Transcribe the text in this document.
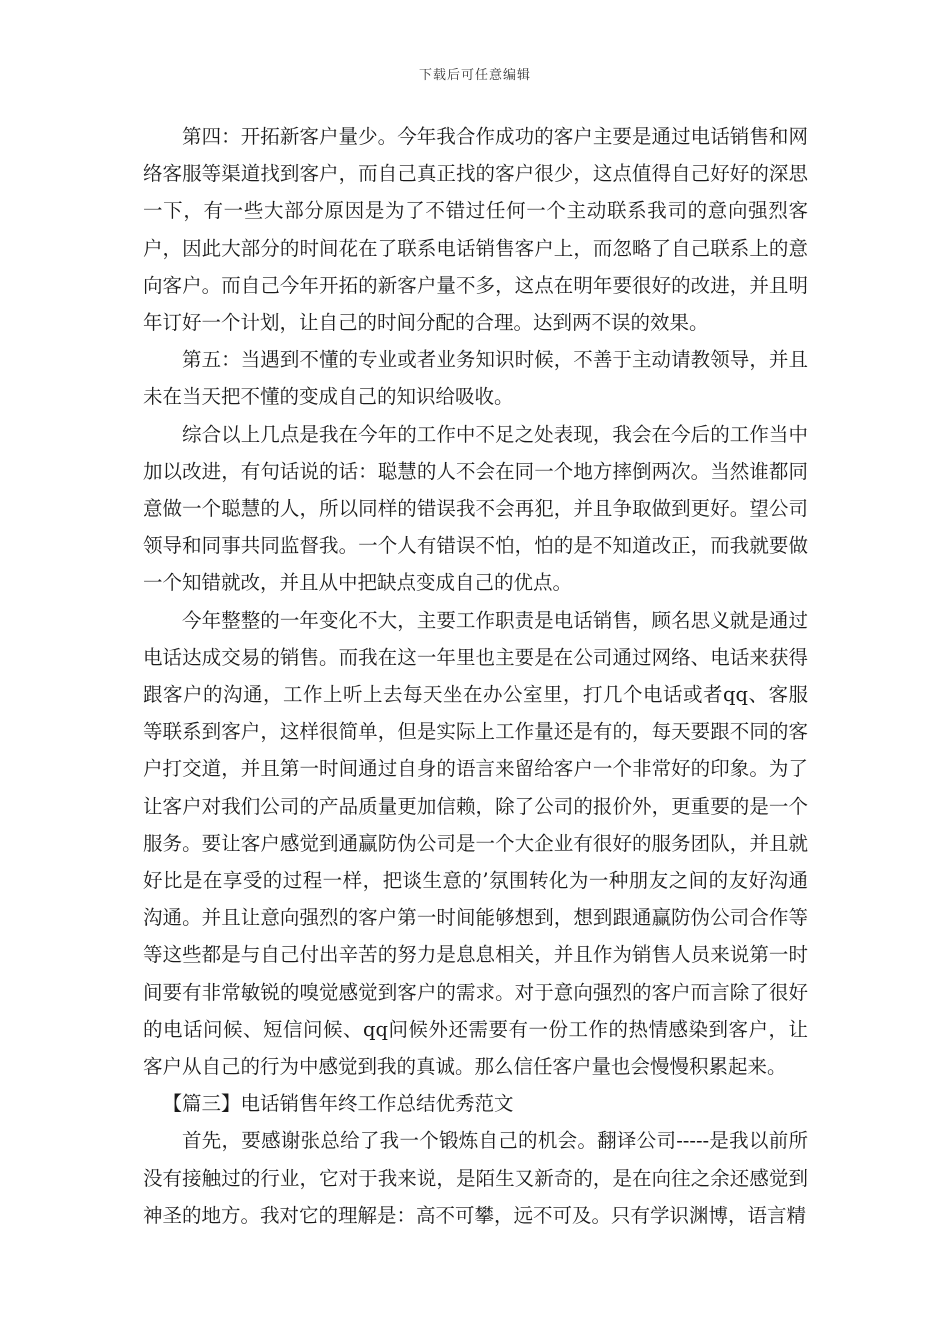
下载后可任意编辑

第四：开拓新客户量少。今年我合作成功的客户主要是通过电话销售和网络客服等渠道找到客户，而自己真正找的客户很少，这点值得自己好好的深思一下，有一些大部分原因是为了不错过任何一个主动联系我司的意向强烈客户，因此大部分的时间花在了联系电话销售客户上，而忽略了自己联系上的意向客户。而自己今年开拓的新客户量不多，这点在明年要很好的改进，并且明年订好一个计划，让自己的时间分配的合理。达到两不误的效果。

第五：当遇到不懂的专业或者业务知识时候，不善于主动请教领导，并且未在当天把不懂的变成自己的知识给吸收。

综合以上几点是我在今年的工作中不足之处表现，我会在今后的工作当中加以改进，有句话说的话：聪慧的人不会在同一个地方摔倒两次。当然谁都同意做一个聪慧的人，所以同样的错误我不会再犯，并且争取做到更好。望公司领导和同事共同监督我。一个人有错误不怕，怕的是不知道改正，而我就要做一个知错就改，并且从中把缺点变成自己的优点。

今年整整的一年变化不大，主要工作职责是电话销售，顾名思义就是通过电话达成交易的销售。而我在这一年里也主要是在公司通过网络、电话来获得跟客户的沟通，工作上听上去每天坐在办公室里，打几个电话或者qq、客服等联系到客户，这样很简单，但是实际上工作量还是有的，每天要跟不同的客户打交道，并且第一时间通过自身的语言来留给客户一个非常好的印象。为了让客户对我们公司的产品质量更加信赖，除了公司的报价外，更重要的是一个服务。要让客户感觉到通赢防伪公司是一个大企业有很好的服务团队，并且就好比是在享受的过程一样，把谈生意的’氛围转化为一种朋友之间的友好沟通沟通。并且让意向强烈的客户第一时间能够想到，想到跟通赢防伪公司合作等等这些都是与自己付出辛苦的努力是息息相关，并且作为销售人员来说第一时间要有非常敏锐的嗅觉感觉到客户的需求。对于意向强烈的客户而言除了很好的电话问候、短信问候、qq问候外还需要有一份工作的热情感染到客户，让客户从自己的行为中感觉到我的真诚。那么信任客户量也会慢慢积累起来。

【篇三】电话销售年终工作总结优秀范文

首先，要感谢张总给了我一个锻炼自己的机会。翻译公司-----是我以前所没有接触过的行业，它对于我来说，是陌生又新奇的，是在向往之余还感觉到神圣的地方。我对它的理解是：高不可攀，远不可及。只有学识渊博，语言精
